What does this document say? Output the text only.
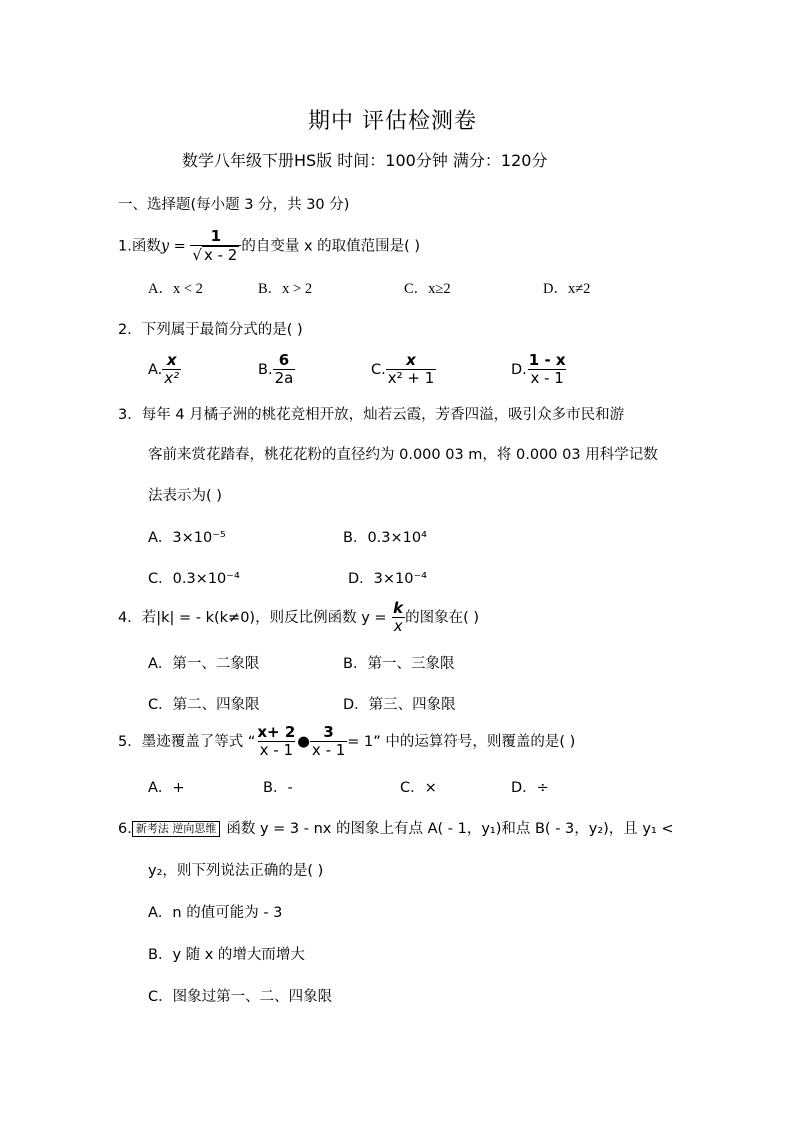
期中 评估检测卷
数学八年级下册HS版 时间：100分钟 满分：120分
一、选择题(每小题 3 分，共 30 分)
1.函数$y = \frac{1}{√ x - 2}$ 的自变量 x 的取值范围是( )
A．x < 2	B．x > 2	C．x≥2	D．x≠2
2．下列属于最简分式的是( )
A. $\frac{x}{\text{x²}}$	B. $\frac{6}{2a}$	C. $\frac{x}{\text{x² + 1}}$	D. $\frac{1 - x}{x - 1}$
3．每年 4 月橘子洲的桃花竞相开放，灿若云霞，芳香四溢，吸引众多市民和游
客前来赏花踏春，桃花花粉的直径约为 0.000 03 m，将 0.000 03 用科学记数
法表示为( )
A．3×10⁻⁵	B．0.3×10⁴
C．0.3×10⁻⁴	D．3×10⁻⁴
4．若|k| = - k(k≠0)，则反比例函数 $y = \frac{k}{x}$ 的图象在( )
A．第一、二象限	B．第一、三象限
C．第二、四象限	D．第三、四象限
5．墨迹覆盖了等式 “ $\frac{x+ 2}{x - 1}$ ● $\frac{3}{x - 1} = 1$” 中的运算符号，则覆盖的是( )
A．+	B．-	C．×	D．÷
6. 新考法 逆向思维 函数 y = 3 - nx 的图象上有点 A( - 1，y₁)和点 B( - 3，y₂)，且 y₁ <
y₂，则下列说法正确的是( )
A．n 的值可能为 - 3
B．y 随 x 的增大而增大
C．图象过第一、二、四象限
